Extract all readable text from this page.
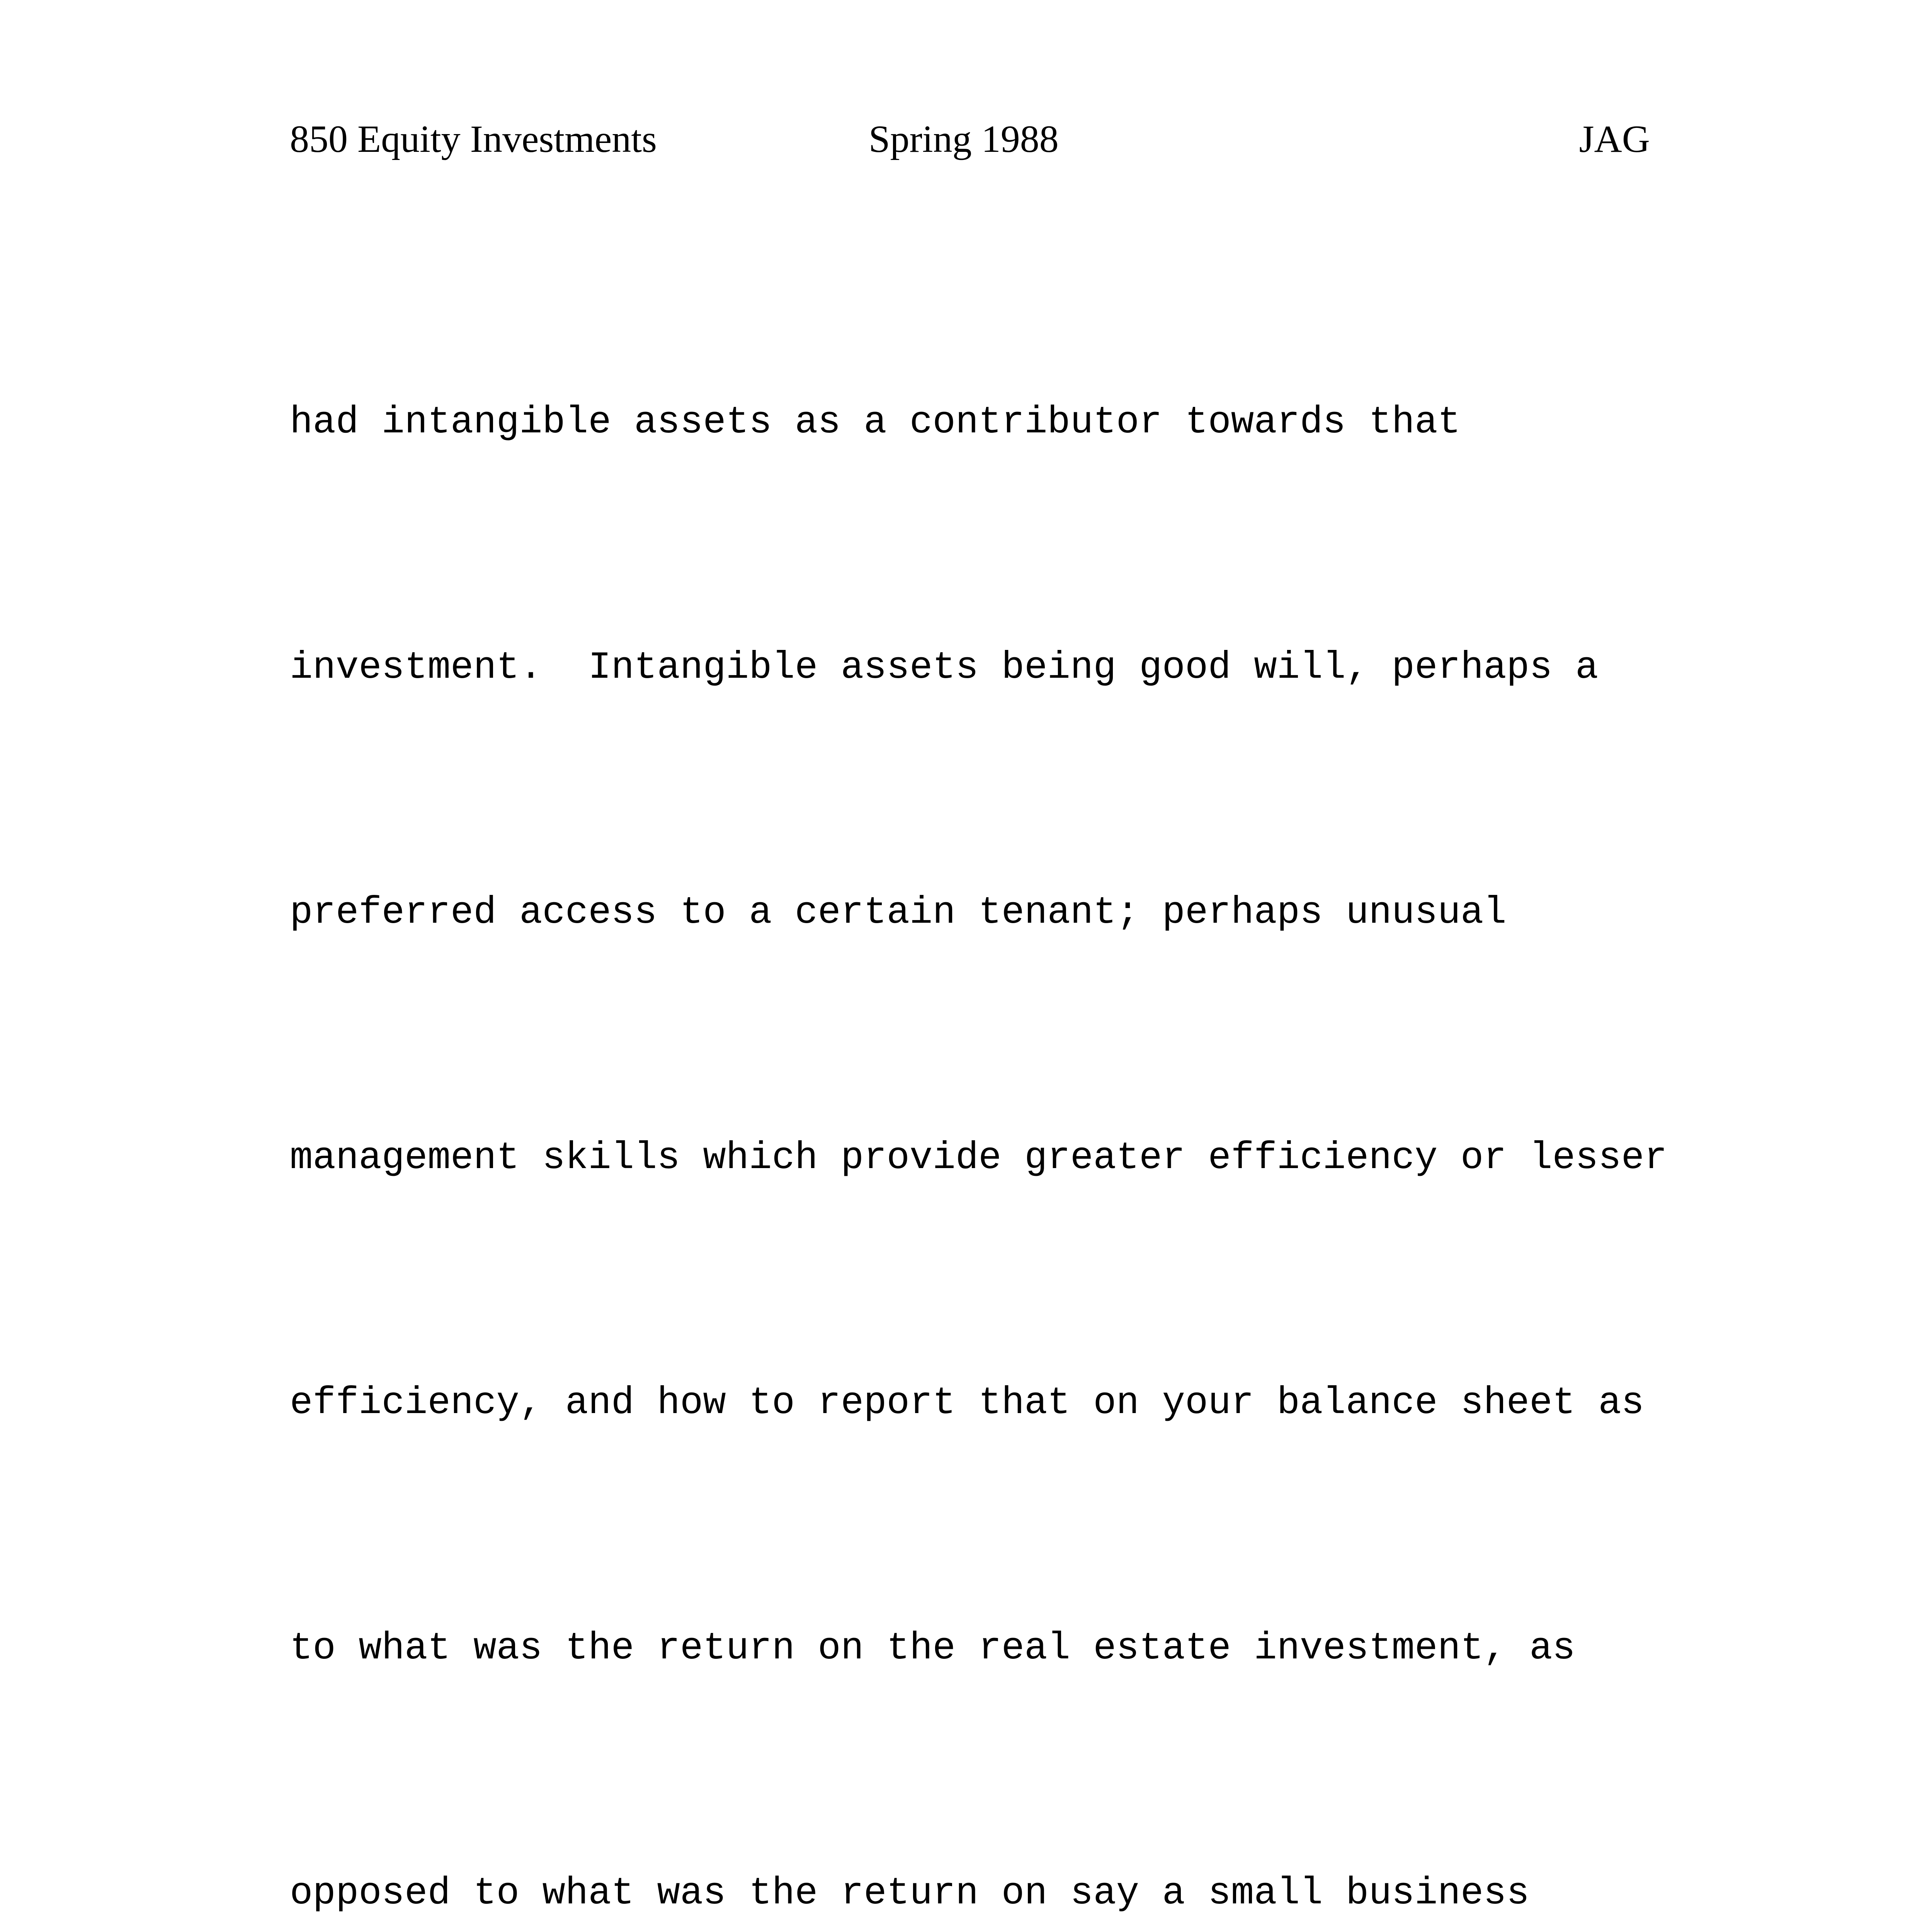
850 Equity Investments	Spring 1988	JAG

had intangible assets as a contributor towards that

investment.  Intangible assets being good will, perhaps a

preferred access to a certain tenant; perhaps unusual

management skills which provide greater efficiency or lesser

efficiency, and how to report that on your balance sheet as

to what was the return on the real estate investment, as

opposed to what was the return on say a small business
